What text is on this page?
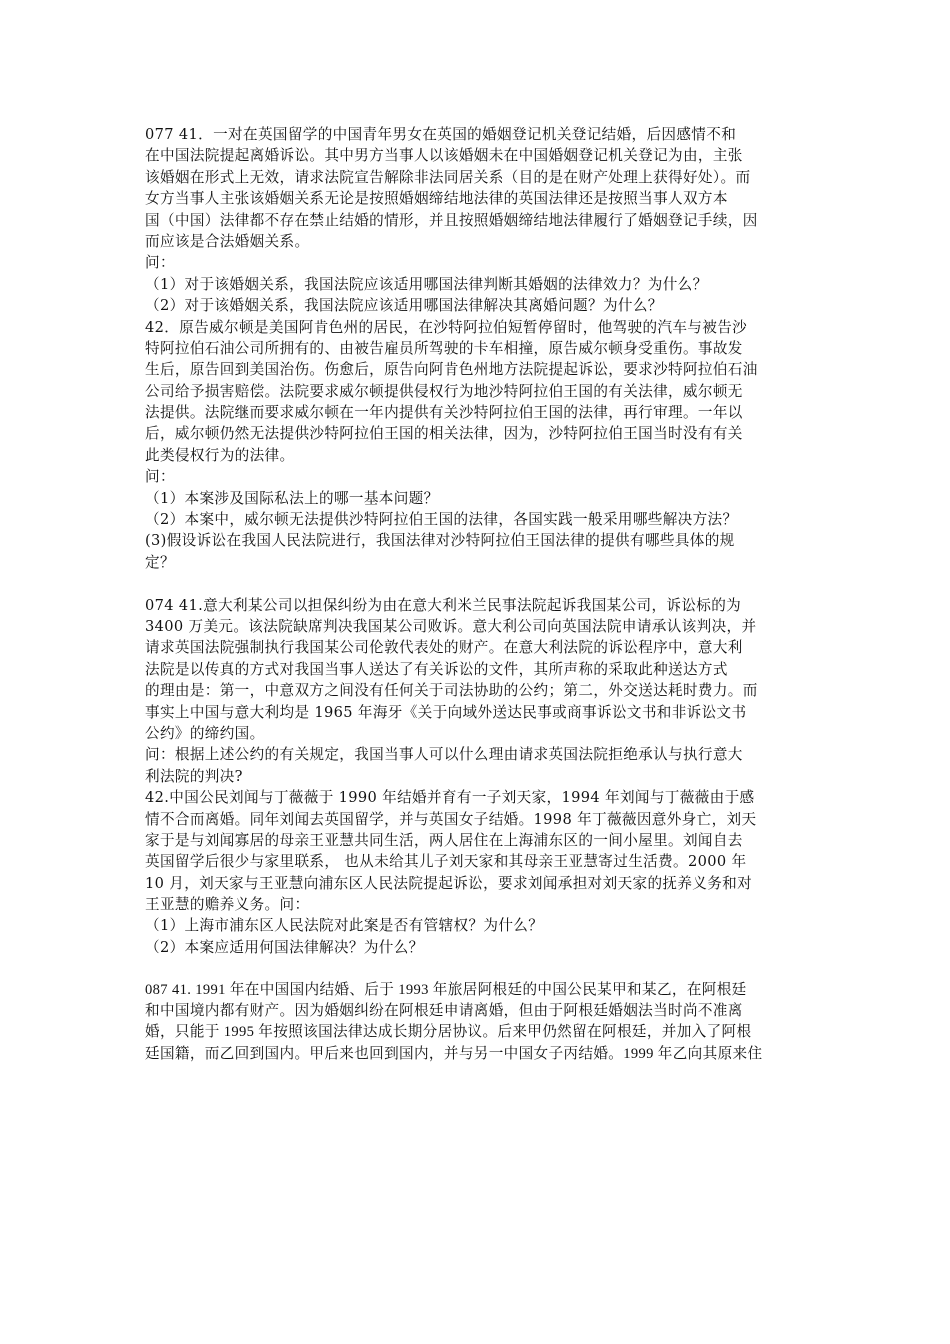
077 41．一对在英国留学的中国青年男女在英国的婚姻登记机关登记结婚，后因感情不和
在中国法院提起离婚诉讼。其中男方当事人以该婚姻未在中国婚姻登记机关登记为由，主张
该婚姻在形式上无效，请求法院宣告解除非法同居关系（目的是在财产处理上获得好处）。而
女方当事人主张该婚姻关系无论是按照婚姻缔结地法律的英国法律还是按照当事人双方本
国（中国）法律都不存在禁止结婚的情形，并且按照婚姻缔结地法律履行了婚姻登记手续，因
而应该是合法婚姻关系。
问：
（1）对于该婚姻关系，我国法院应该适用哪国法律判断其婚姻的法律效力？为什么？
（2）对于该婚姻关系，我国法院应该适用哪国法律解决其离婚问题？为什么？
42．原告威尔顿是美国阿肯色州的居民，在沙特阿拉伯短暂停留时，他驾驶的汽车与被告沙
特阿拉伯石油公司所拥有的、由被告雇员所驾驶的卡车相撞，原告威尔顿身受重伤。事故发
生后，原告回到美国治伤。伤愈后，原告向阿肯色州地方法院提起诉讼，要求沙特阿拉伯石油
公司给予损害赔偿。法院要求威尔顿提供侵权行为地沙特阿拉伯王国的有关法律，威尔顿无
法提供。法院继而要求威尔顿在一年内提供有关沙特阿拉伯王国的法律，再行审理。一年以
后，威尔顿仍然无法提供沙特阿拉伯王国的相关法律，因为，沙特阿拉伯王国当时没有有关
此类侵权行为的法律。
问：
（1）本案涉及国际私法上的哪一基本问题？
（2）本案中，威尔顿无法提供沙特阿拉伯王国的法律，各国实践一般采用哪些解决方法？
(3)假设诉讼在我国人民法院进行，我国法律对沙特阿拉伯王国法律的提供有哪些具体的规
定？
074 41.意大利某公司以担保纠纷为由在意大利米兰民事法院起诉我国某公司，诉讼标的为
3400 万美元。该法院缺席判决我国某公司败诉。意大利公司向英国法院申请承认该判决，并
请求英国法院强制执行我国某公司伦敦代表处的财产。在意大利法院的诉讼程序中，意大利
法院是以传真的方式对我国当事人送达了有关诉讼的文件，其所声称的采取此种送达方式
的理由是：第一，中意双方之间没有任何关于司法协助的公约；第二，外交送达耗时费力。而
事实上中国与意大利均是 1965 年海牙《关于向域外送达民事或商事诉讼文书和非诉讼文书
公约》的缔约国。
问：根据上述公约的有关规定，我国当事人可以什么理由请求英国法院拒绝承认与执行意大
利法院的判决?
42.中国公民刘闻与丁薇薇于 1990 年结婚并育有一子刘天家，1994 年刘闻与丁薇薇由于感
情不合而离婚。同年刘闻去英国留学，并与英国女子结婚。1998 年丁薇薇因意外身亡，刘天
家于是与刘闻寡居的母亲王亚慧共同生活，两人居住在上海浦东区的一间小屋里。刘闻自去
英国留学后很少与家里联系， 也从未给其儿子刘天家和其母亲王亚慧寄过生活费。2000 年
10 月，刘天家与王亚慧向浦东区人民法院提起诉讼，要求刘闻承担对刘天家的抚养义务和对
王亚慧的赡养义务。问：
（1）上海市浦东区人民法院对此案是否有管辖权？为什么？
（2）本案应适用何国法律解决？为什么？
087 41. 1991 年在中国国内结婚、后于 1993 年旅居阿根廷的中国公民某甲和某乙，在阿根廷
和中国境内都有财产。因为婚姻纠纷在阿根廷申请离婚，但由于阿根廷婚姻法当时尚不准离
婚，只能于 1995 年按照该国法律达成长期分居协议。后来甲仍然留在阿根廷，并加入了阿根
廷国籍，而乙回到国内。甲后来也回到国内，并与另一中国女子丙结婚。1999 年乙向其原来住
